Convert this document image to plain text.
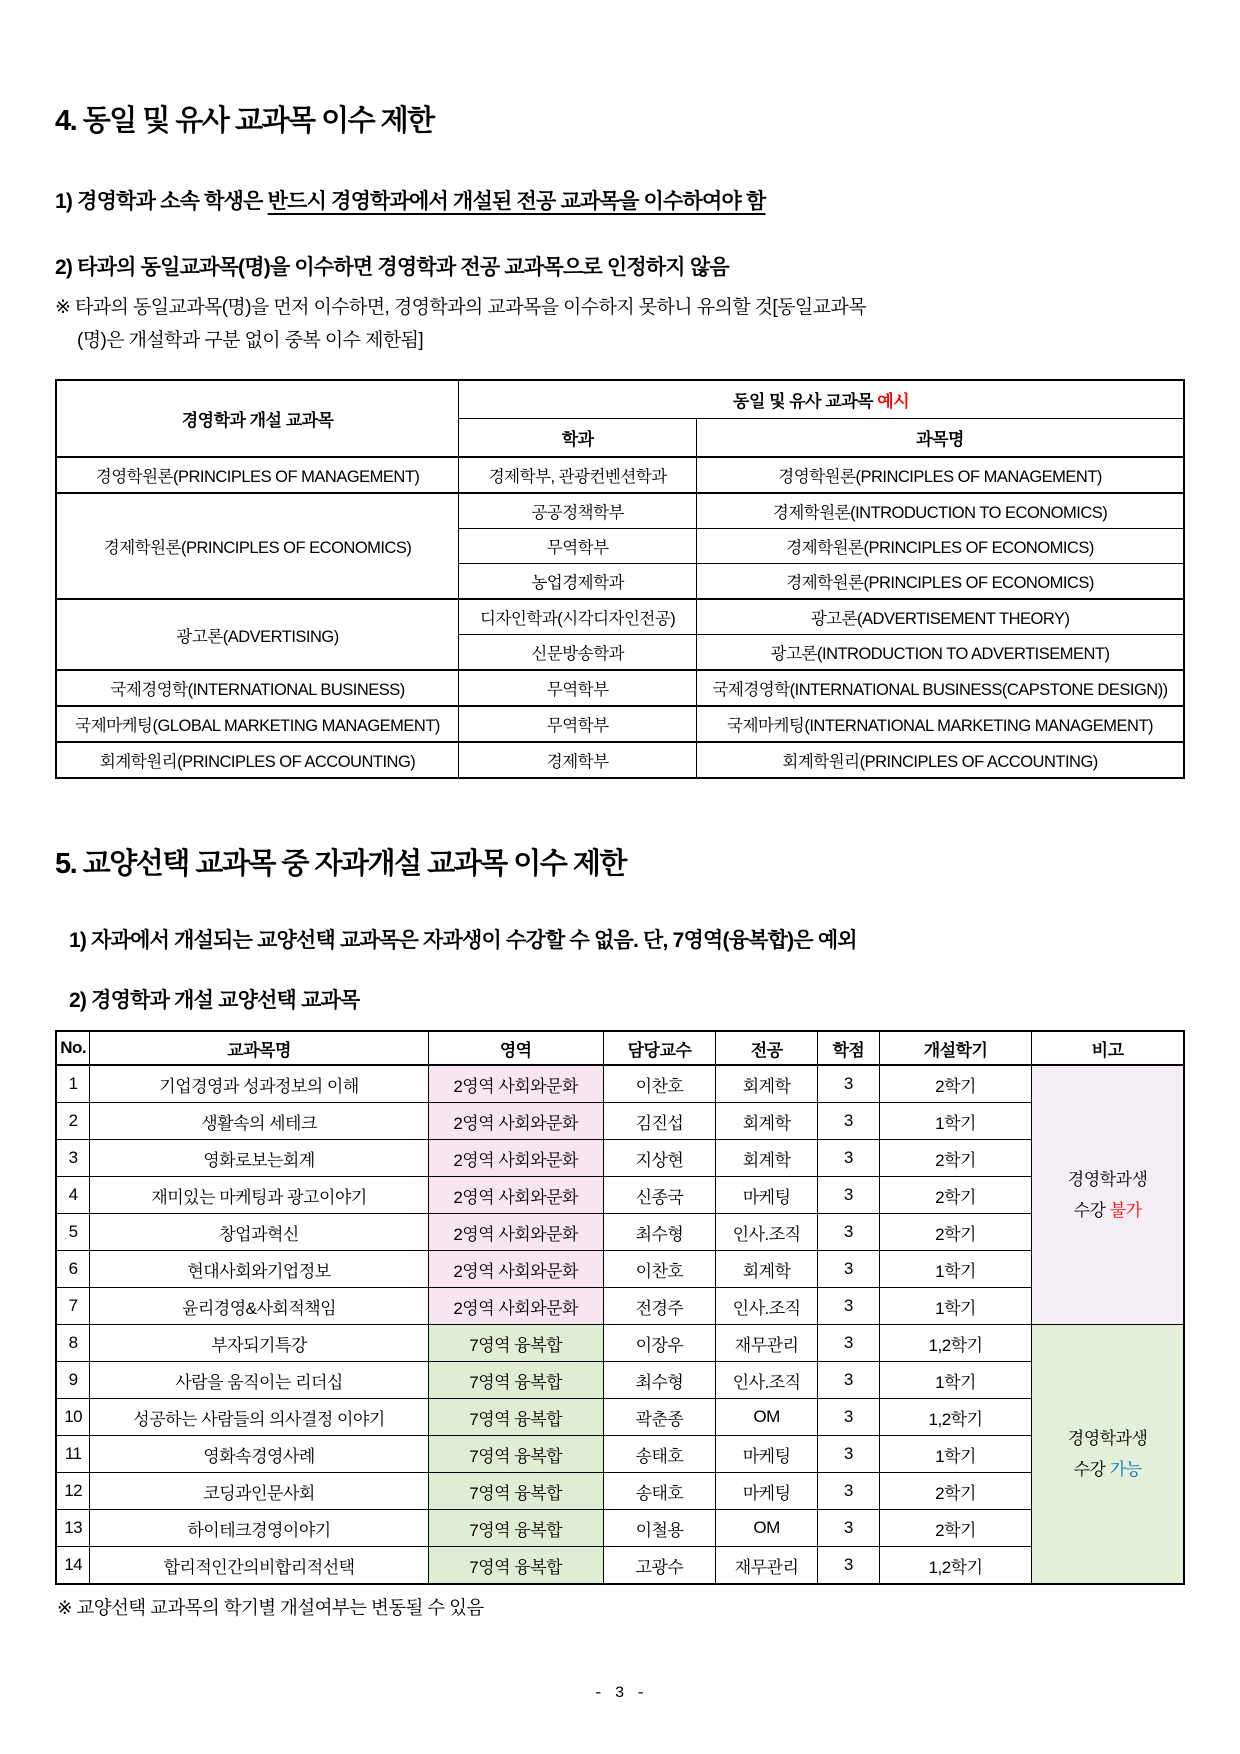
4. 동일 및 유사 교과목 이수 제한

1) 경영학과 소속 학생은 반드시 경영학과에서 개설된 전공 교과목을 이수하여야 함

2) 타과의 동일교과목(명)을 이수하면 경영학과 전공 교과목으로 인정하지 않음

※ 타과의 동일교과목(명)을 먼저 이수하면, 경영학과의 교과목을 이수하지 못하니 유의할 것[동일교과목
(명)은 개설학과 구분 없이 중복 이수 제한됨]

경영학과 개설 교과목	동일 및 유사 교과목 예시	
	학과	과목명
경영학원론(PRINCIPLES OF MANAGEMENT)	경제학부, 관광컨벤션학과	경영학원론(PRINCIPLES OF MANAGEMENT)
경제학원론(PRINCIPLES OF ECONOMICS)	공공정책학부	경제학원론(INTRODUCTION TO ECONOMICS)
	무역학부	경제학원론(PRINCIPLES OF ECONOMICS)
	농업경제학과	경제학원론(PRINCIPLES OF ECONOMICS)
광고론(ADVERTISING)	디자인학과(시각디자인전공)	광고론(ADVERTISEMENT THEORY)
	신문방송학과	광고론(INTRODUCTION TO ADVERTISEMENT)
국제경영학(INTERNATIONAL BUSINESS)	무역학부	국제경영학(INTERNATIONAL BUSINESS(CAPSTONE DESIGN))
국제마케팅(GLOBAL MARKETING MANAGEMENT)	무역학부	국제마케팅(INTERNATIONAL MARKETING MANAGEMENT)
회계학원리(PRINCIPLES OF ACCOUNTING)	경제학부	회계학원리(PRINCIPLES OF ACCOUNTING)
5. 교양선택 교과목 중 자과개설 교과목 이수 제한

1) 자과에서 개설되는 교양선택 교과목은 자과생이 수강할 수 없음. 단, 7영역(융복합)은 예외

2) 경영학과 개설 교양선택 교과목

No.	교과목명	영역	담당교수	전공	학점	개설학기	비고
1	기업경영과 성과정보의 이해	2영역 사회와문화	이찬호	회계학	3	2학기	경영학과생
수강 불가
2	생활속의 세테크	2영역 사회와문화	김진섭	회계학	3	1학기	
3	영화로보는회계	2영역 사회와문화	지상현	회계학	3	2학기	
4	재미있는 마케팅과 광고이야기	2영역 사회와문화	신종국	마케팅	3	2학기	
5	창업과혁신	2영역 사회와문화	최수형	인사.조직	3	2학기	
6	현대사회와기업정보	2영역 사회와문화	이찬호	회계학	3	1학기	
7	윤리경영&사회적책임	2영역 사회와문화	전경주	인사.조직	3	1학기	
8	부자되기특강	7영역 융복합	이장우	재무관리	3	1,2학기	경영학과생
수강 가능
9	사람을 움직이는 리더십	7영역 융복합	최수형	인사.조직	3	1학기	
10	성공하는 사람들의 의사결정 이야기	7영역 융복합	곽춘종	OM	3	1,2학기	
11	영화속경영사례	7영역 융복합	송태호	마케팅	3	1학기	
12	코딩과인문사회	7영역 융복합	송태호	마케팅	3	2학기	
13	하이테크경영이야기	7영역 융복합	이철용	OM	3	2학기	
14	합리적인간의비합리적선택	7영역 융복합	고광수	재무관리	3	1,2학기	

※ 교양선택 교과목의 학기별 개설여부는 변동될 수 있음

- 3 -
